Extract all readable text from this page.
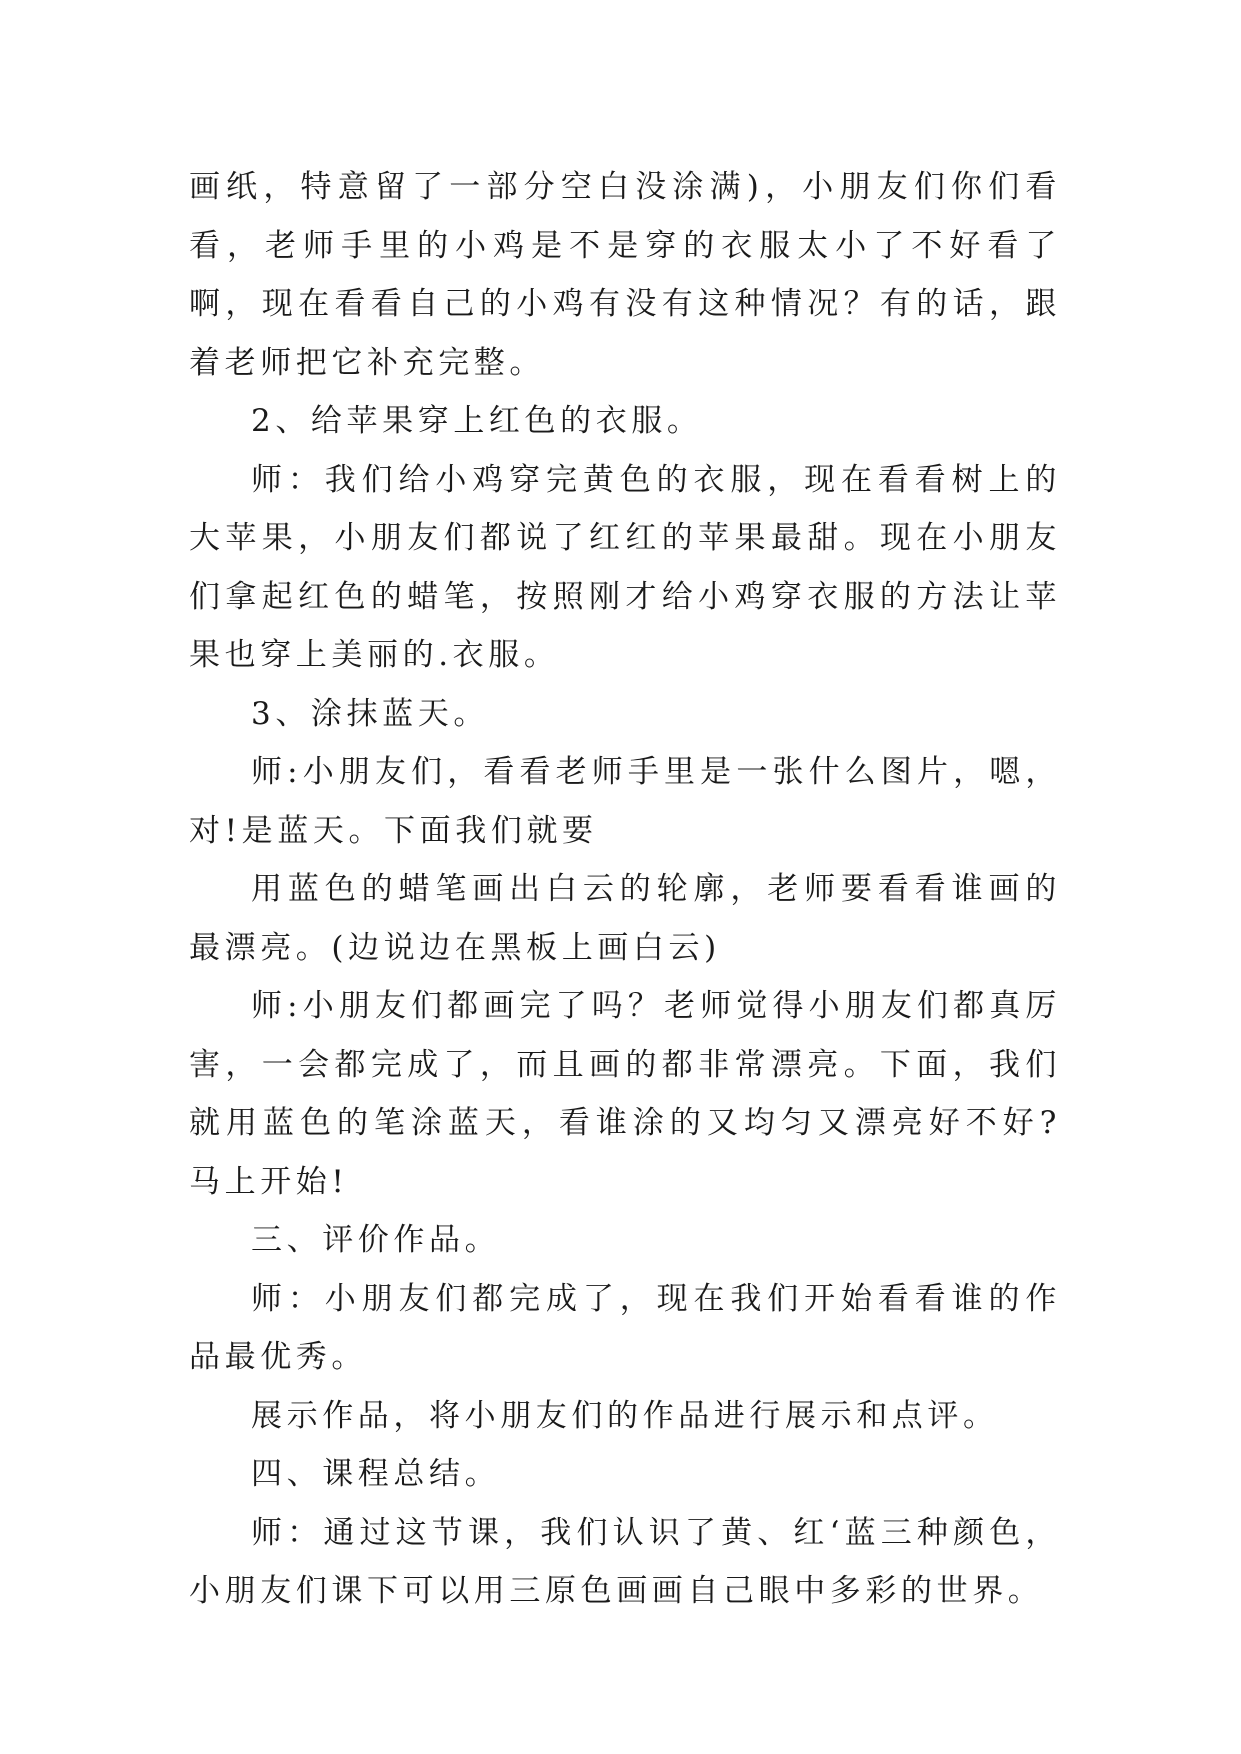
画纸，特意留了一部分空白没涂满)，小朋友们你们看看，老师手里的小鸡是不是穿的衣服太小了不好看了啊，现在看看自己的小鸡有没有这种情况？有的话，跟着老师把它补充完整。

2、给苹果穿上红色的衣服。

师：我们给小鸡穿完黄色的衣服，现在看看树上的大苹果，小朋友们都说了红红的苹果最甜。现在小朋友们拿起红色的蜡笔，按照刚才给小鸡穿衣服的方法让苹果也穿上美丽的.衣服。

3、涂抹蓝天。

师:小朋友们，看看老师手里是一张什么图片，嗯，对!是蓝天。下面我们就要

用蓝色的蜡笔画出白云的轮廓，老师要看看谁画的最漂亮。(边说边在黑板上画白云)

师:小朋友们都画完了吗？老师觉得小朋友们都真厉害，一会都完成了，而且画的都非常漂亮。下面，我们就用蓝色的笔涂蓝天，看谁涂的又均匀又漂亮好不好?马上开始!

三、评价作品。

师：小朋友们都完成了，现在我们开始看看谁的作品最优秀。

展示作品，将小朋友们的作品进行展示和点评。

四、课程总结。

师：通过这节课，我们认识了黄、红‘蓝三种颜色，小朋友们课下可以用三原色画画自己眼中多彩的世界。
